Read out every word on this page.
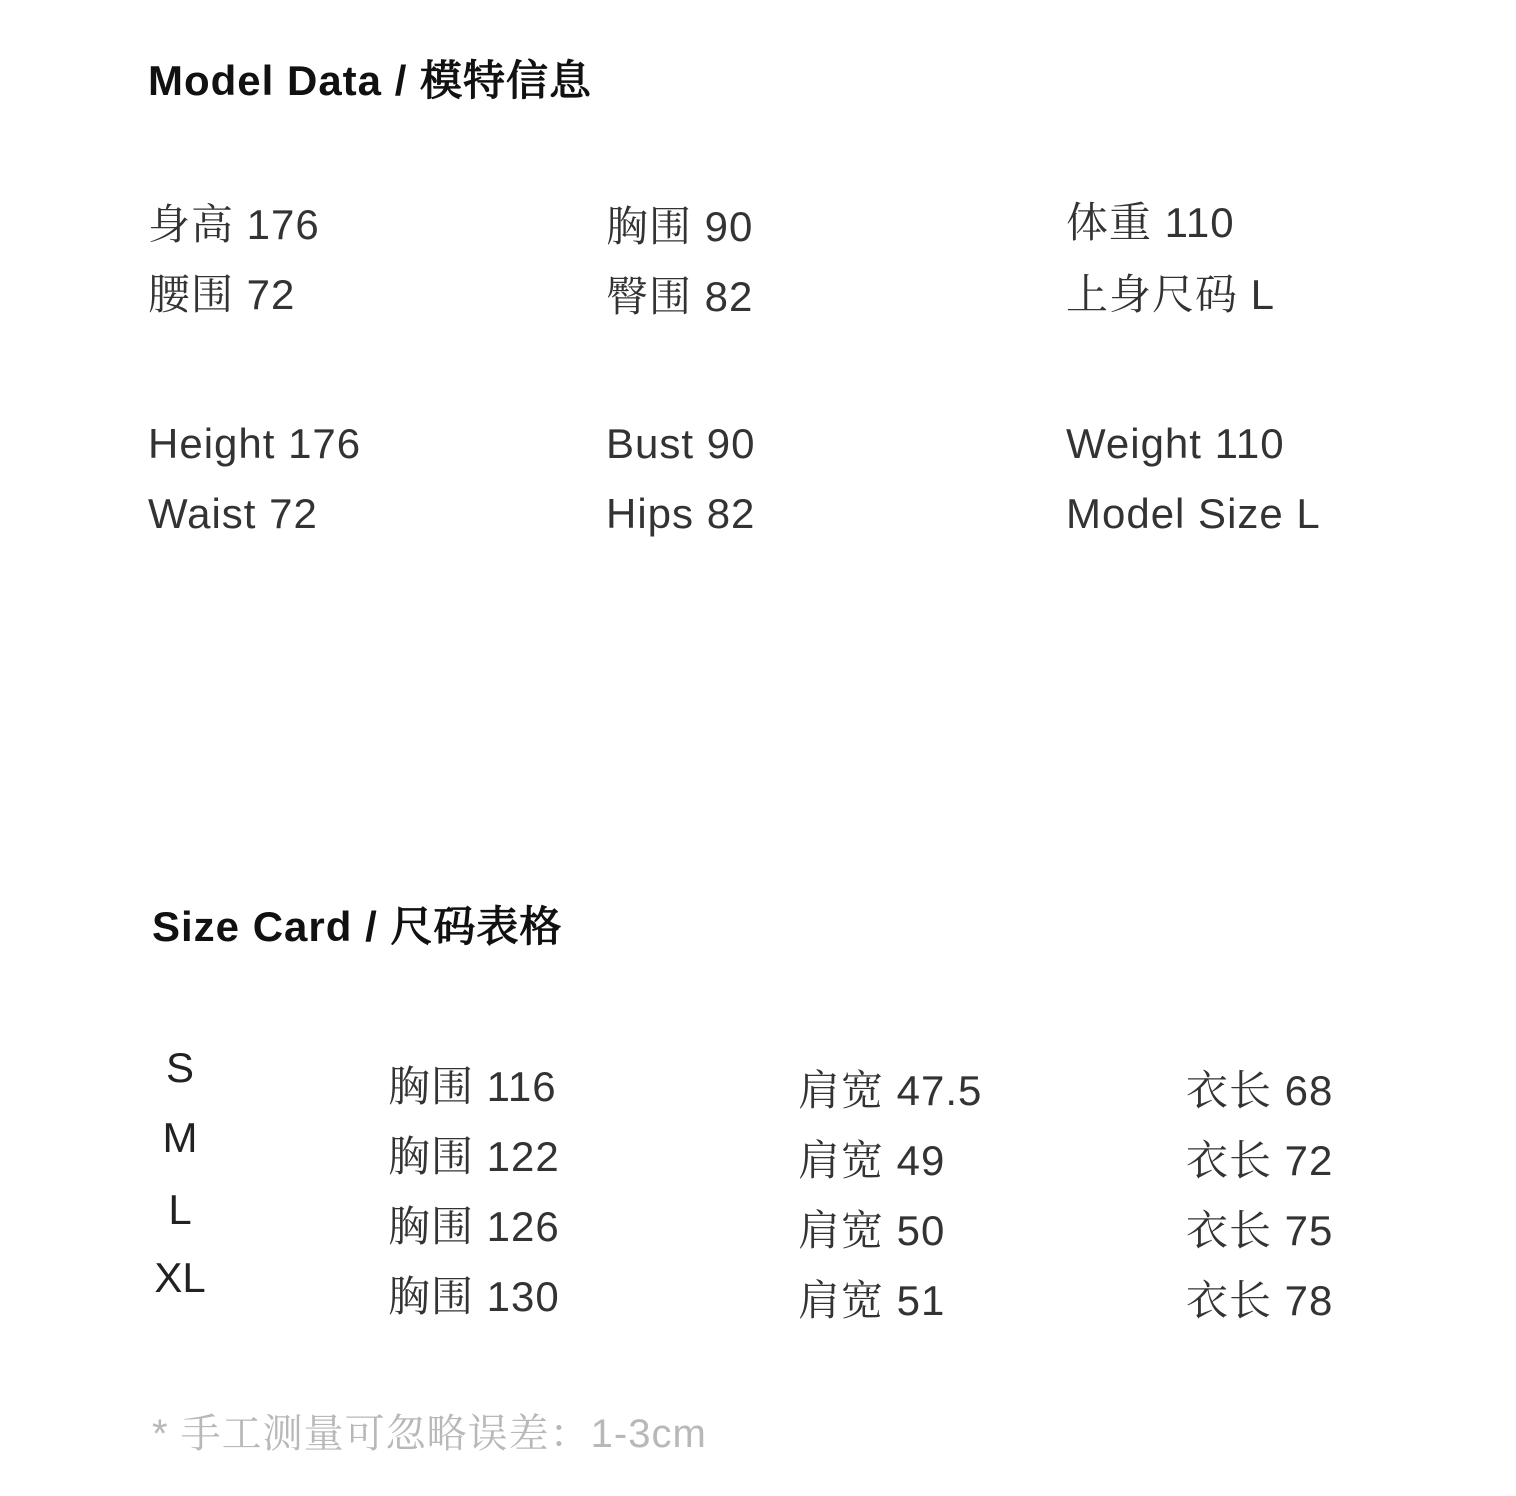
Model Data / 模特信息
身高 176	胸围 90	体重 110
腰围 72	臀围 82	上身尺码 L
Height 176	Bust 90	Weight 110
Waist 72	Hips 82	Model Size L
Size Card / 尺码表格
S	胸围 116	肩宽 47.5	衣长 68
M	胸围 122	肩宽 49	衣长 72
L	胸围 126	肩宽 50	衣长 75
XL	胸围 130	肩宽 51	衣长 78
* 手工测量可忽略误差：1-3cm
